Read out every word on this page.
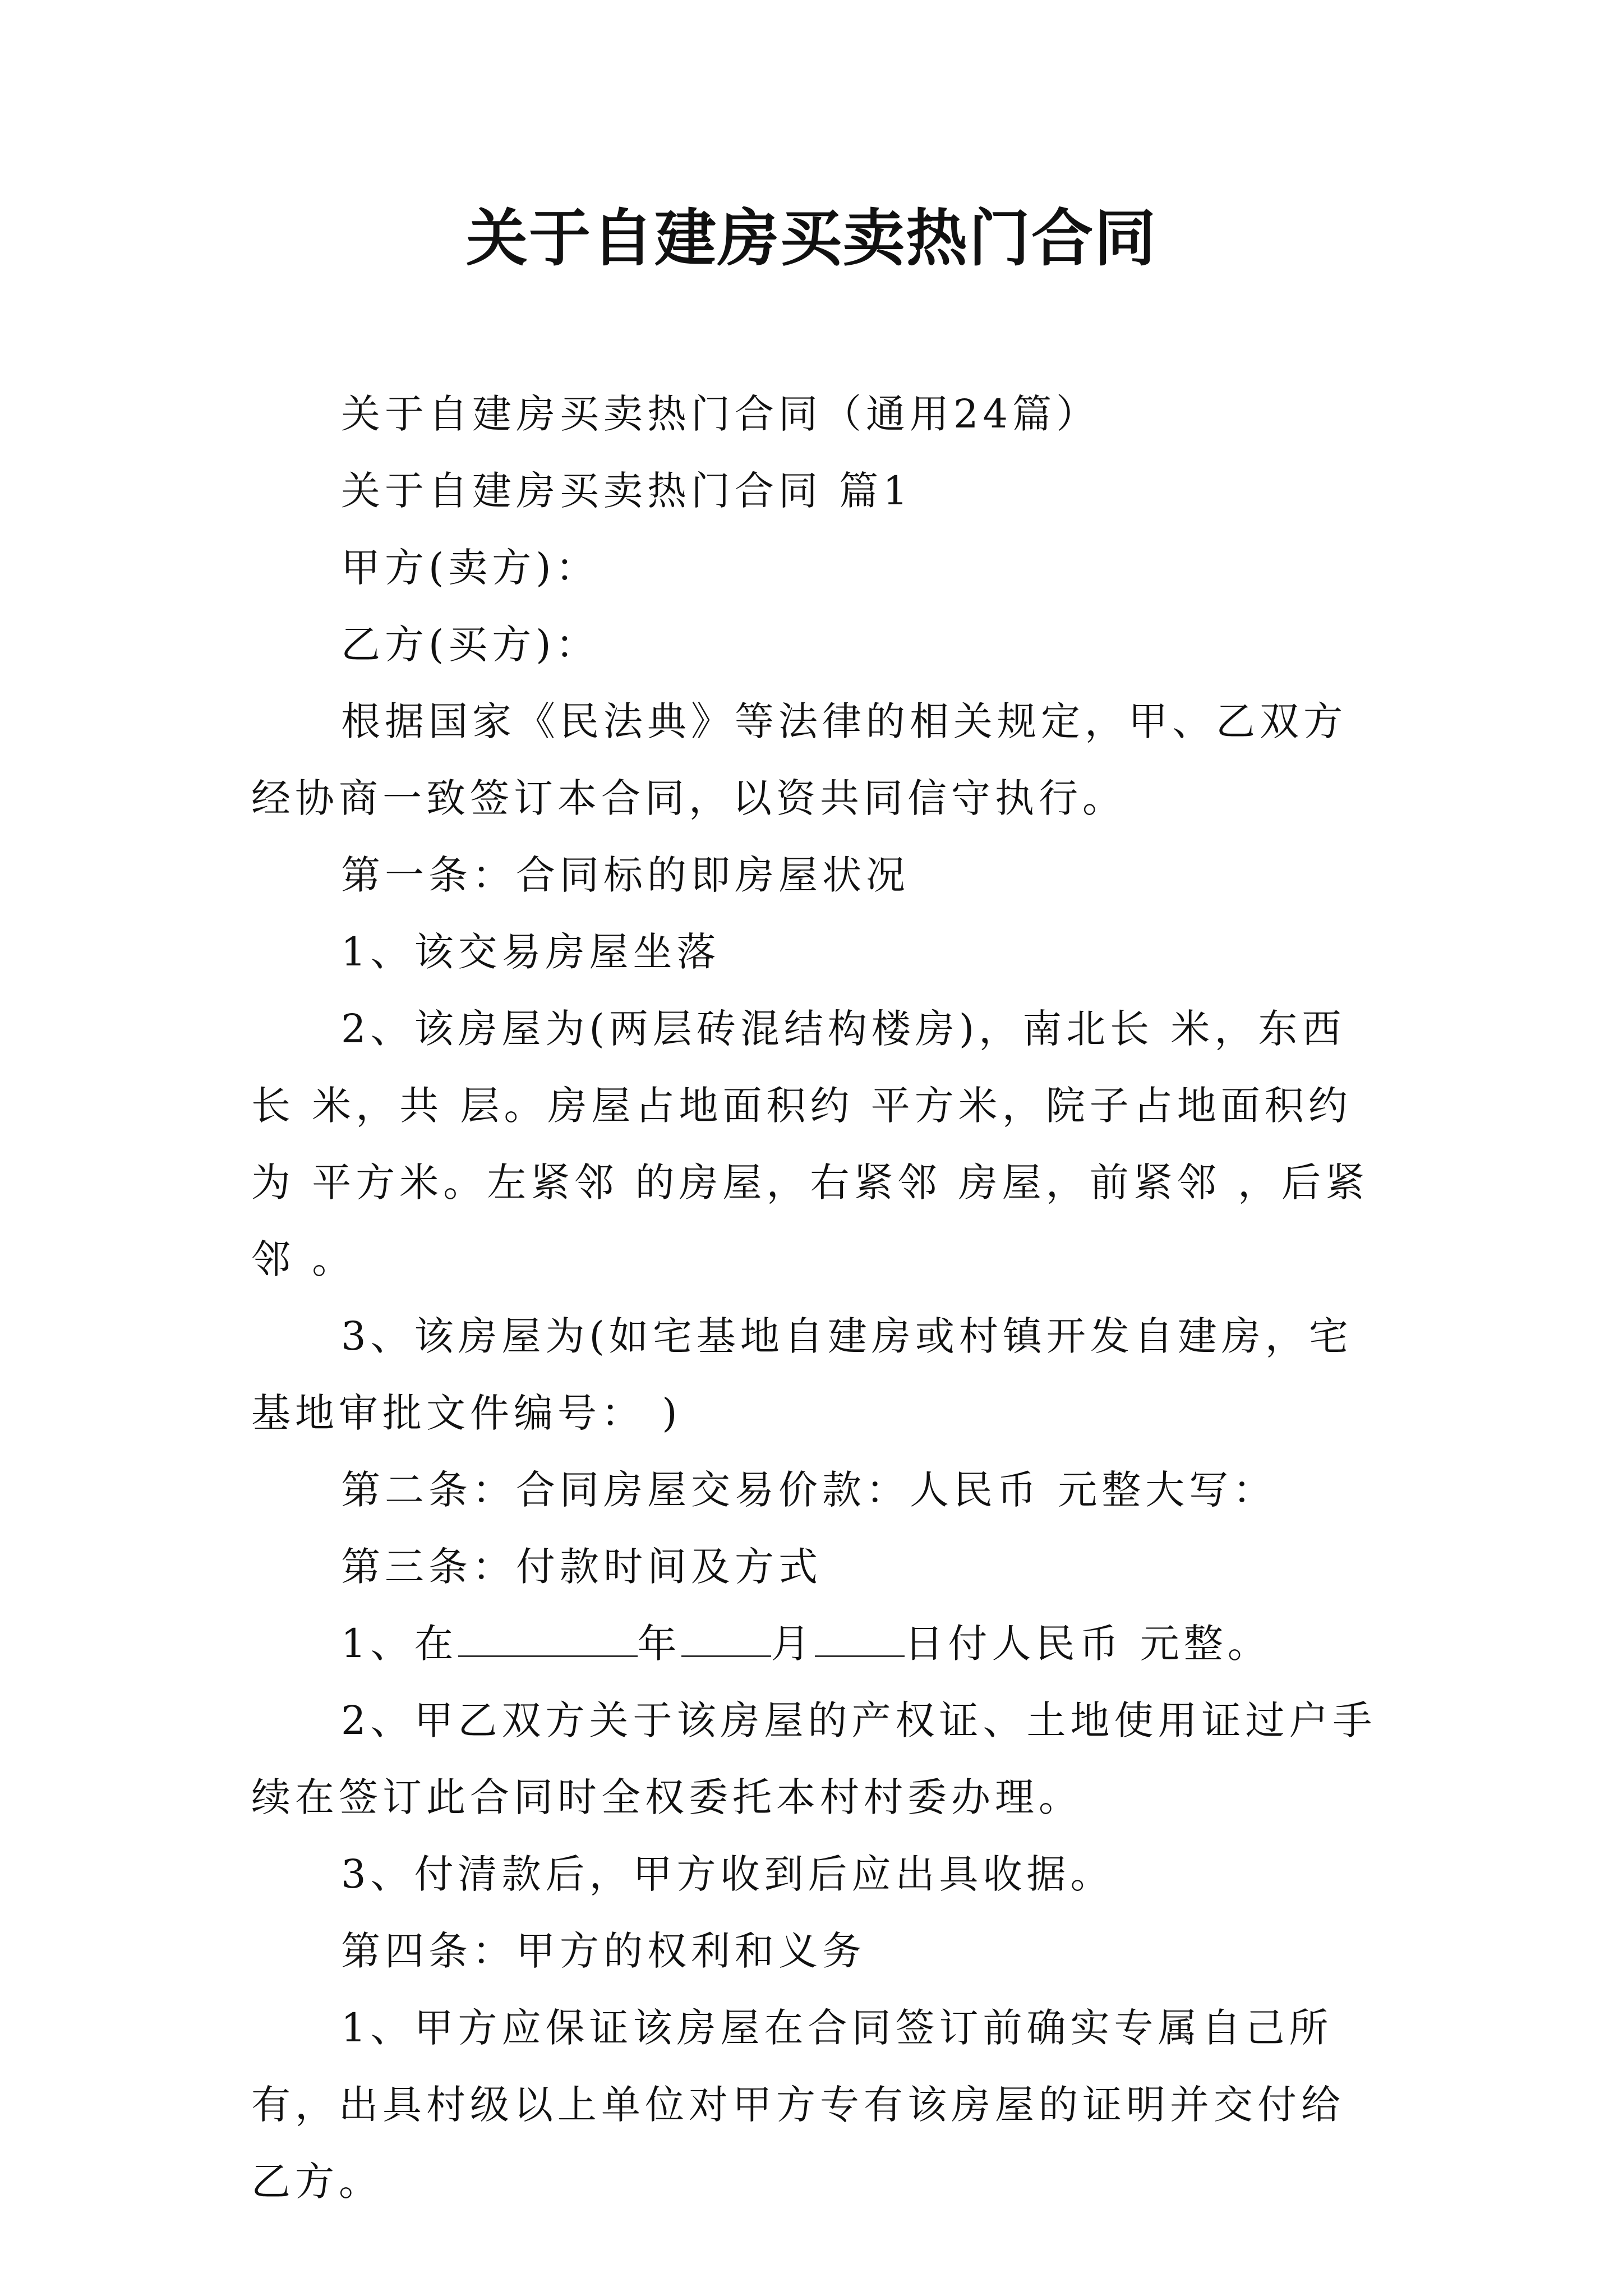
关于自建房买卖热门合同

关于自建房买卖热门合同（通用24篇）

关于自建房买卖热门合同 篇1

甲方(卖方)：

乙方(买方)：

根据国家《民法典》等法律的相关规定，甲、乙双方经协商一致签订本合同，以资共同信守执行。

第一条：合同标的即房屋状况

1、该交易房屋坐落

2、该房屋为(两层砖混结构楼房)，南北长 米，东西长 米，共 层。房屋占地面积约 平方米，院子占地面积约为 平方米。左紧邻 的房屋，右紧邻 房屋，前紧邻 ，后紧邻 。

3、该房屋为(如宅基地自建房或村镇开发自建房，宅基地审批文件编号： )

第二条：合同房屋交易价款：人民币 元整大写：

第三条：付款时间及方式

1、在	年 月 日付人民币 元整。

2、甲乙双方关于该房屋的产权证、土地使用证过户手续在签订此合同时全权委托本村村委办理。

3、付清款后，甲方收到后应出具收据。

第四条：甲方的权利和义务

1、甲方应保证该房屋在合同签订前确实专属自己所有，出具村级以上单位对甲方专有该房屋的证明并交付给乙方。
